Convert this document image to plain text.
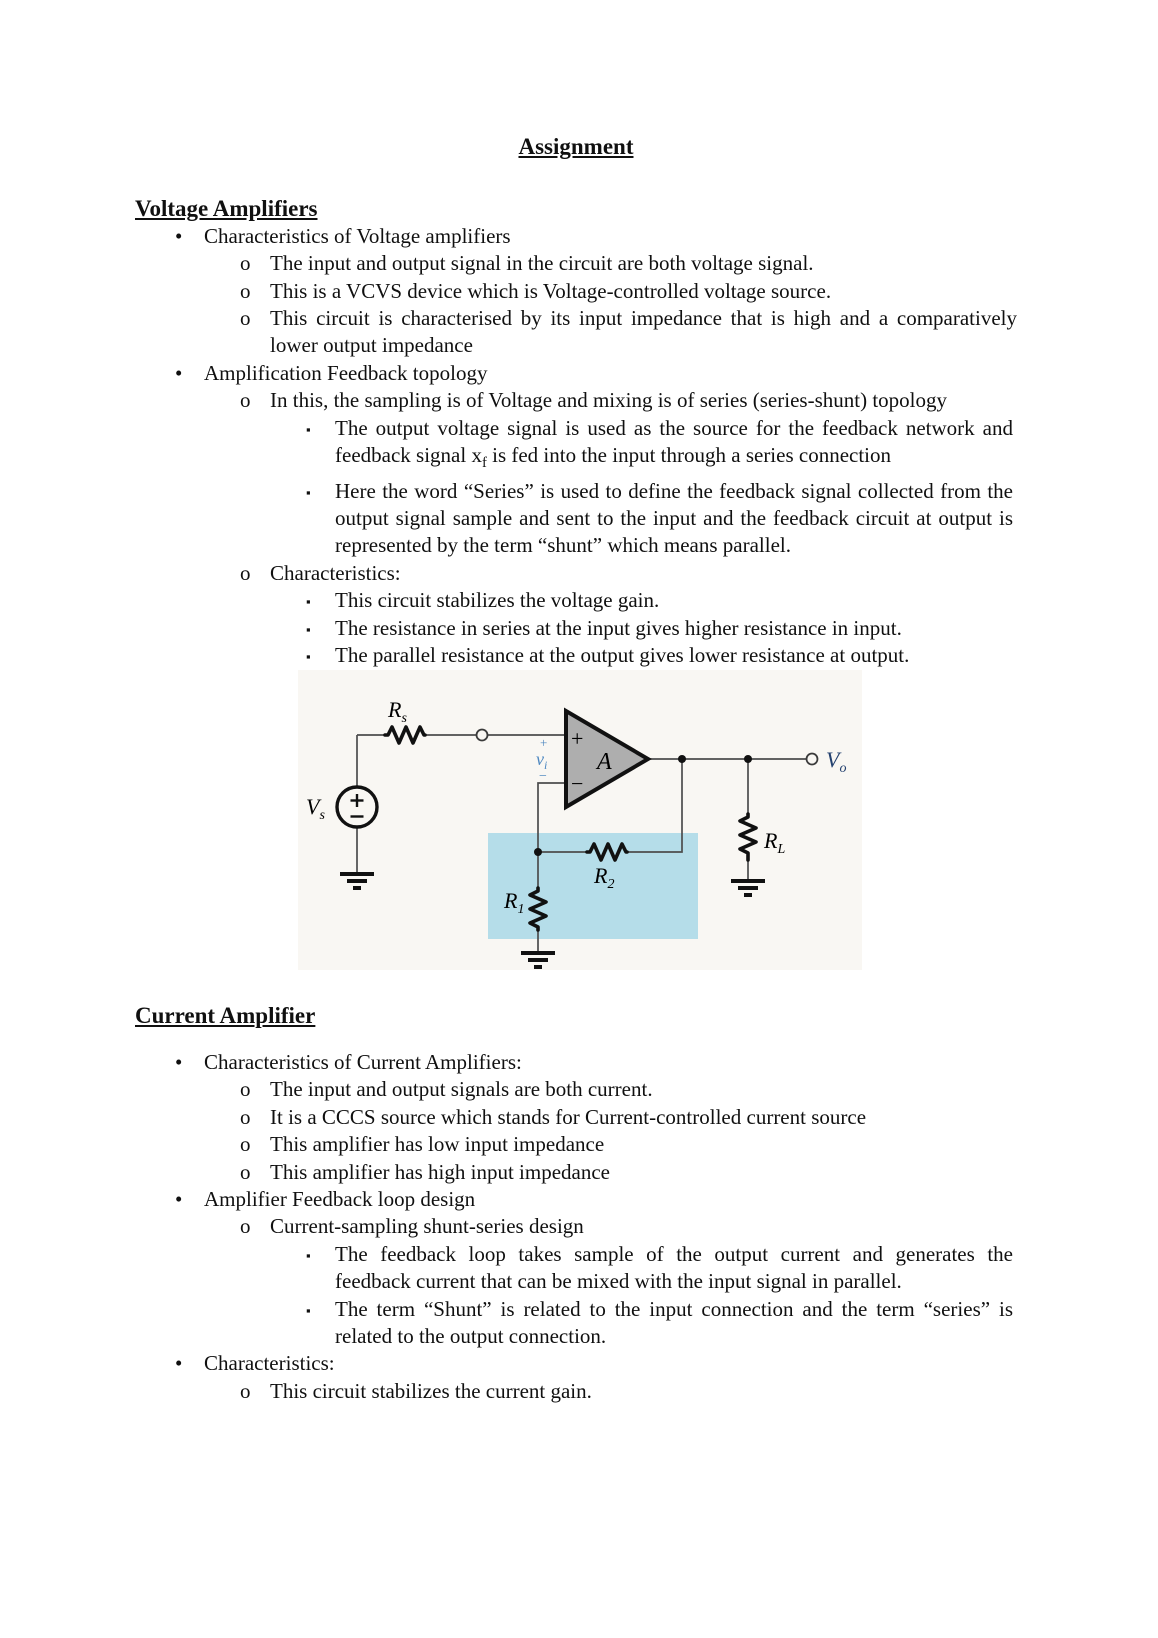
Assignment
Voltage Amplifiers
• Characteristics of Voltage amplifiers
o The input and output signal in the circuit are both voltage signal.
o This is a VCVS device which is Voltage-controlled voltage source.
o This circuit is characterised by its input impedance that is high and a comparatively lower output impedance
• Amplification Feedback topology
o In this, the sampling is of Voltage and mixing is of series (series-shunt) topology
▪ The output voltage signal is used as the source for the feedback network and feedback signal $x_f$ is fed into the input through a series connection
▪ Here the word “Series” is used to define the feedback signal collected from the output signal sample and sent to the input and the feedback circuit at output is represented by the term “shunt” which means parallel.
o Characteristics:
▪ This circuit stabilizes the voltage gain.
▪ The resistance in series at the input gives higher resistance in input.
▪ The parallel resistance at the output gives lower resistance at output.
+
−
A
$R_s$
$V_s$
+
$v_i$
−
$R_1$
$R_2$
$R_L$
$V_o$
Current Amplifier
• Characteristics of Current Amplifiers:
o The input and output signals are both current.
o It is a CCCS source which stands for Current-controlled current source
o This amplifier has low input impedance
o This amplifier has high input impedance
• Amplifier Feedback loop design
o Current-sampling shunt-series design
▪ The feedback loop takes sample of the output current and generates the feedback current that can be mixed with the input signal in parallel.
▪ The term “Shunt” is related to the input connection and the term “series” is related to the output connection.
• Characteristics:
o This circuit stabilizes the current gain.
